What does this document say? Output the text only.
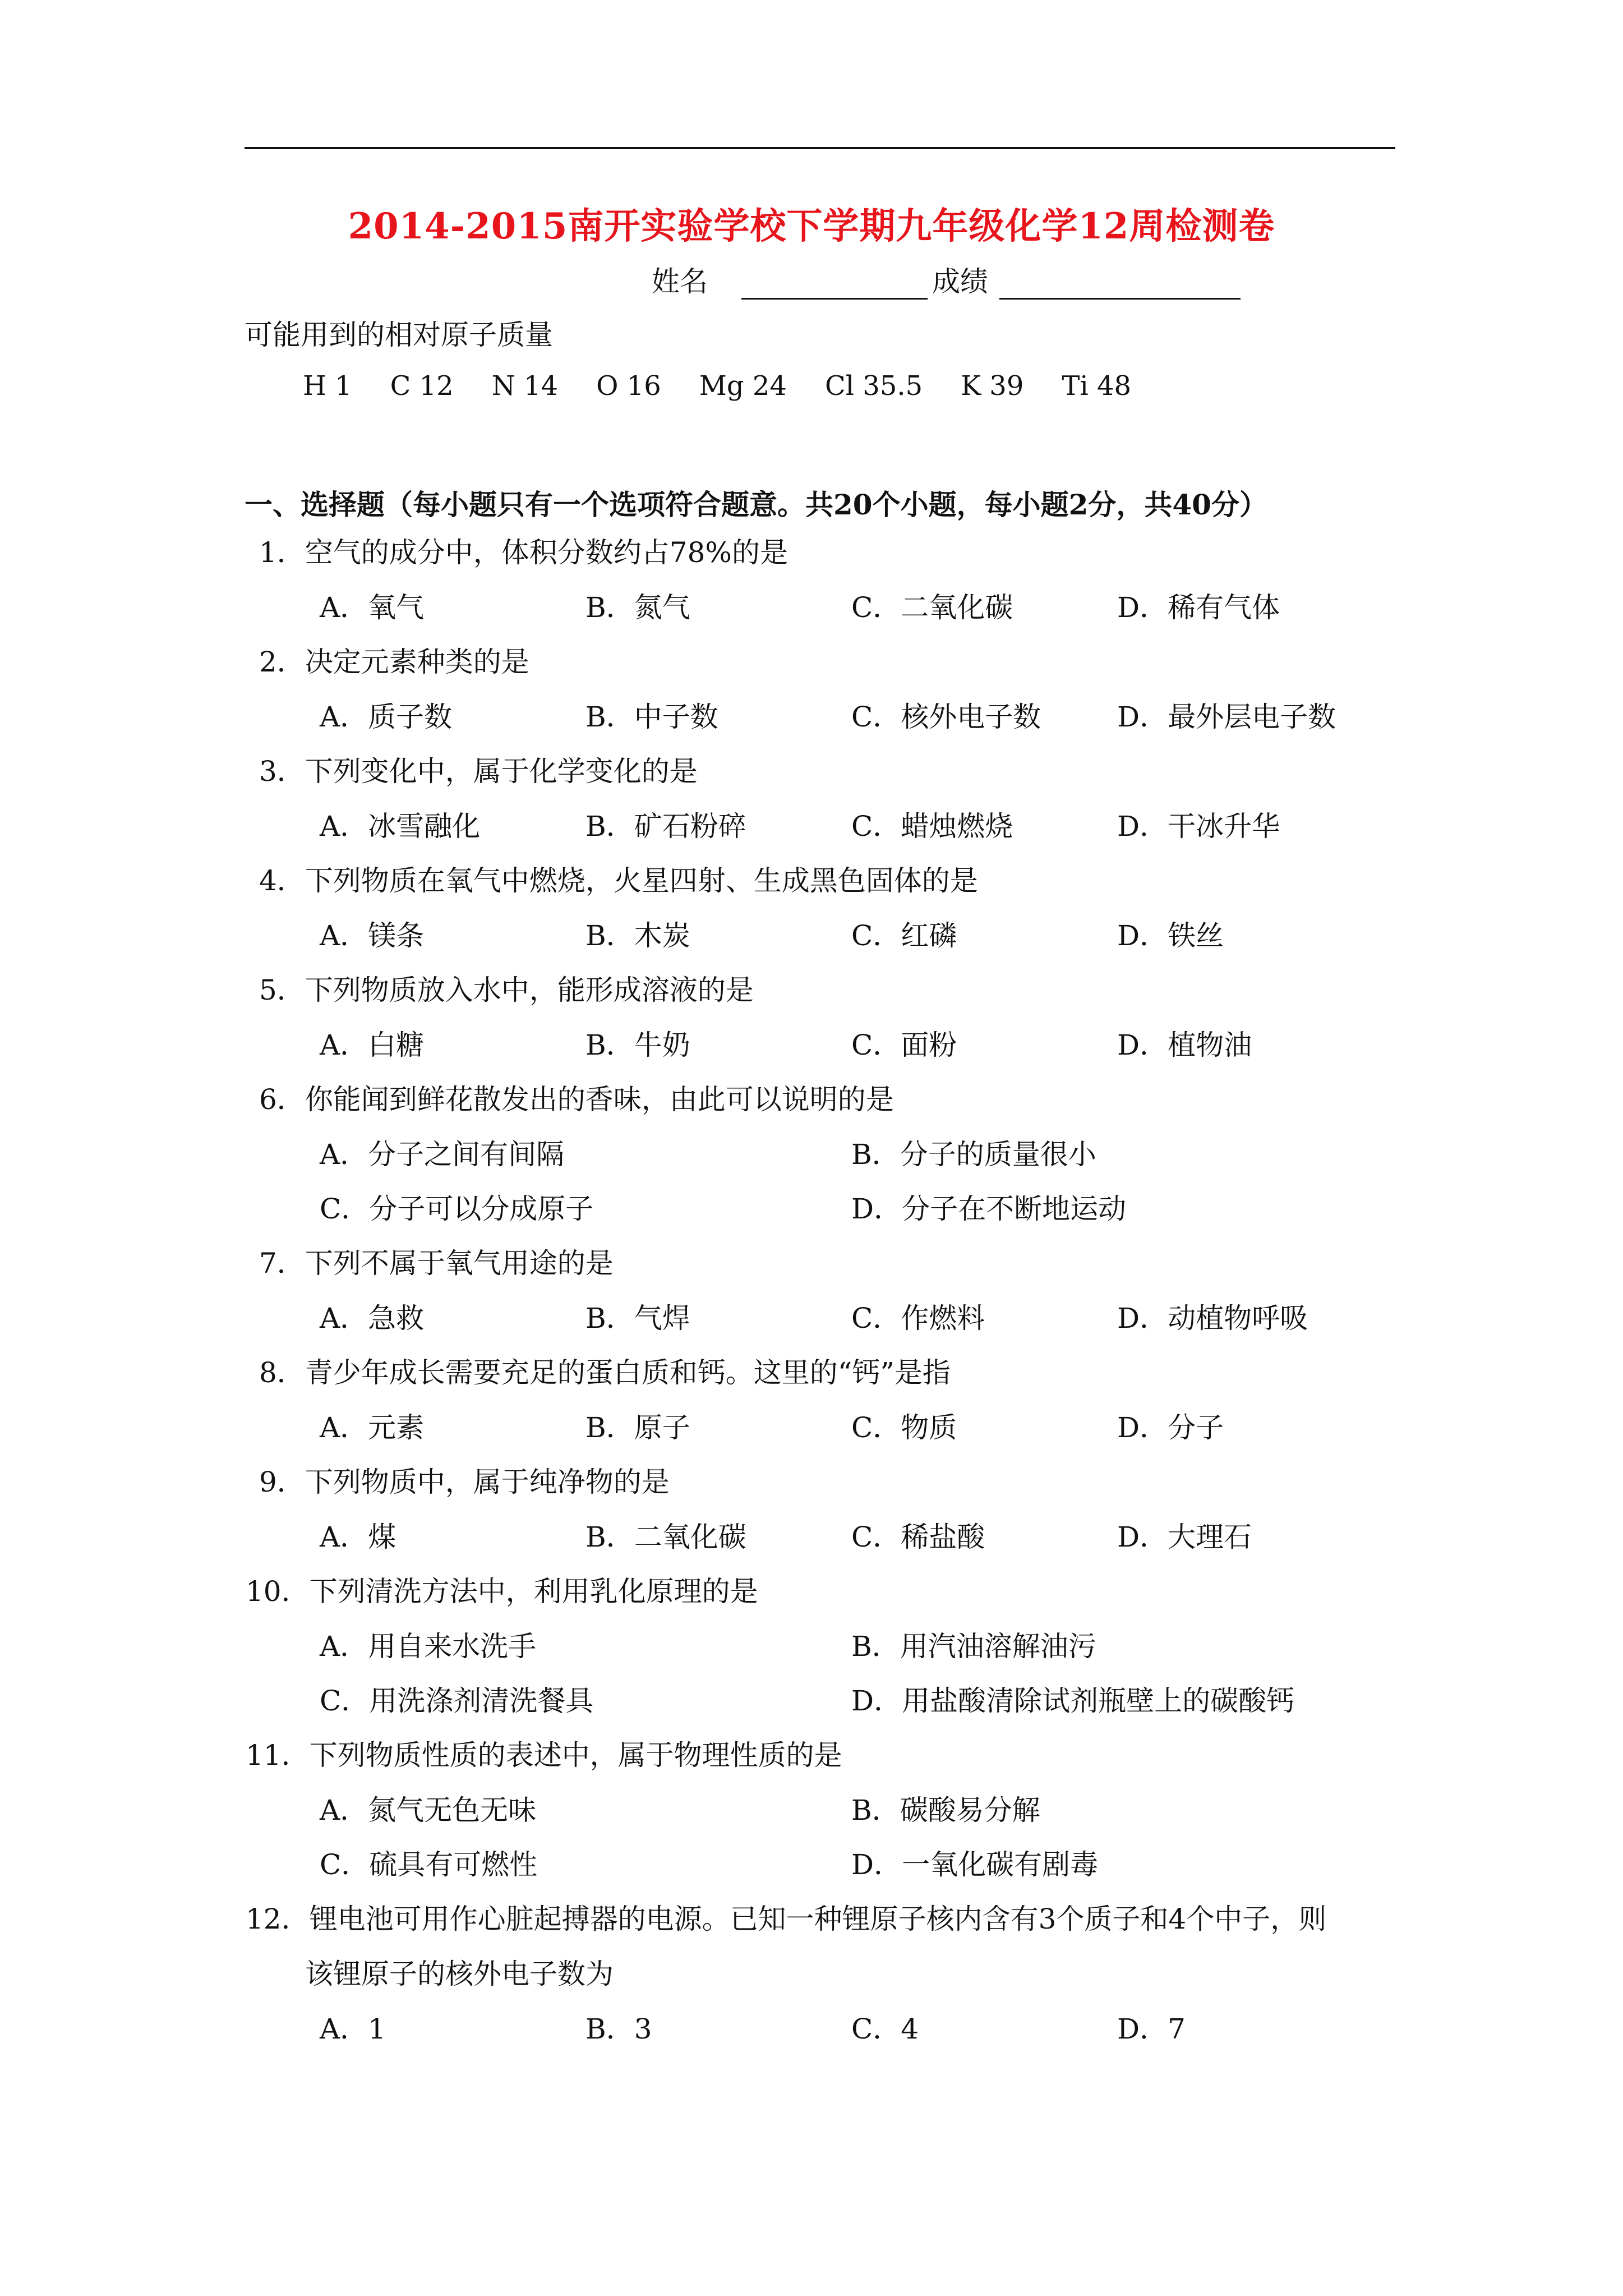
2014-2015南开实验学校下学期九年级化学12周检测卷
姓名	成绩
可能用到的相对原子质量
H 1 C 12 N 14 O 16 Mg 24 Cl 35.5 K 39 Ti 48
一、选择题（每小题只有一个选项符合题意。共20个小题，每小题2分，共40分）
1．空气的成分中，体积分数约占78%的是
A．氧气	B．氮气	C．二氧化碳	D．稀有气体
2．决定元素种类的是
A．质子数	B．中子数	C．核外电子数	D．最外层电子数
3．下列变化中，属于化学变化的是
A．冰雪融化	B．矿石粉碎	C．蜡烛燃烧	D．干冰升华
4．下列物质在氧气中燃烧，火星四射、生成黑色固体的是
A．镁条	B．木炭	C．红磷	D．铁丝
5．下列物质放入水中，能形成溶液的是
A．白糖	B．牛奶	C．面粉	D．植物油
6．你能闻到鲜花散发出的香味，由此可以说明的是
A．分子之间有间隔	B．分子的质量很小
C．分子可以分成原子	D．分子在不断地运动
7．下列不属于氧气用途的是
A．急救	B．气焊	C．作燃料	D．动植物呼吸
8．青少年成长需要充足的蛋白质和钙。这里的“钙”是指
A．元素	B．原子	C．物质	D．分子
9．下列物质中，属于纯净物的是
A．煤	B．二氧化碳	C．稀盐酸	D．大理石
10．下列清洗方法中，利用乳化原理的是
A．用自来水洗手	B．用汽油溶解油污
C．用洗涤剂清洗餐具	D．用盐酸清除试剂瓶壁上的碳酸钙
11．下列物质性质的表述中，属于物理性质的是
A．氮气无色无味	B．碳酸易分解
C．硫具有可燃性	D．一氧化碳有剧毒
12．锂电池可用作心脏起搏器的电源。已知一种锂原子核内含有3个质子和4个中子，则
该锂原子的核外电子数为
A．1	B．3	C．4	D．7
